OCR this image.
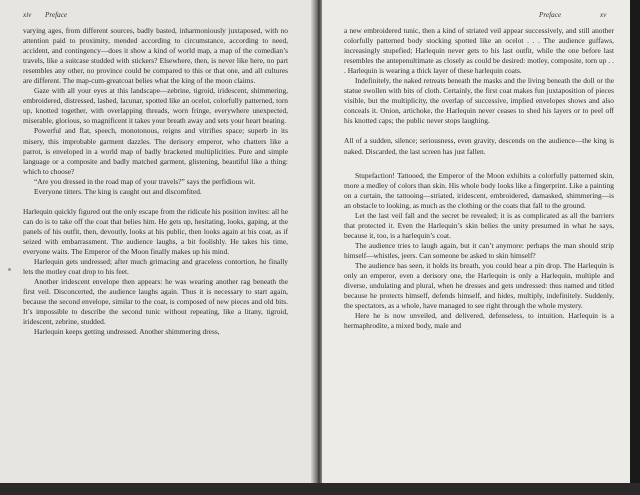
xiv Preface

varying ages, from different sources, badly basted, inharmoniously juxtaposed, with no attention paid to proximity, mended according to circumstance, according to need, accident, and contingency—does it show a kind of world map, a map of the comedian’s travels, like a suitcase studded with stickers? Elsewhere, then, is never like here, no part resembles any other, no province could be compared to this or that one, and all cultures are different. The map-cum-greatcoat belies what the king of the moon claims.

Gaze with all your eyes at this landscape—zebrine, tigroid, iridescent, shimmering, embroidered, distressed, lashed, lacunar, spotted like an ocelot, colorfully patterned, torn up, knotted together, with overlapping threads, worn fringe, everywhere unexpected, miserable, glorious, so magnificent it takes your breath away and sets your heart beating.

Powerful and flat, speech, monotonous, reigns and vitrifies space; superb in its misery, this improbable garment dazzles. The derisory emperor, who chatters like a parrot, is enveloped in a world map of badly bracketed multiplicities. Pure and simple language or a composite and badly matched garment, glistening, beautiful like a thing: which to choose?

“Are you dressed in the road map of your travels?” says the perfidious wit.

Everyone titters. The king is caught out and discomfited.

Harlequin quickly figured out the only escape from the ridicule his position invites: all he can do is to take off the coat that belies him. He gets up, hesitating, looks, gaping, at the panels of his outfit, then, devoutly, looks at his public, then looks again at his coat, as if seized with embarrassment. The audience laughs, a bit foolishly. He takes his time, everyone waits. The Emperor of the Moon finally makes up his mind.

Harlequin gets undressed; after much grimacing and graceless contortion, he finally lets the motley coat drop to his feet.

Another iridescent envelope then appears: he was wearing another rag beneath the first veil. Disconcerted, the audience laughs again. Thus it is necessary to start again, because the second envelope, similar to the coat, is composed of new pieces and old bits. It’s impossible to describe the second tunic without repeating, like a litany, tigroid, iridescent, zebrine, studded.

Harlequin keeps getting undressed. Another shimmering dress,

Preface	xv

a new embroidered tunic, then a kind of striated veil appear successively, and still another colorfully patterned body stocking spotted like an ocelot . . . The audience guffaws, increasingly stupefied; Harlequin never gets to his last outfit, while the one before last resembles the antepenultimate as closely as could be desired: motley, composite, torn up . . . Harlequin is wearing a thick layer of these harlequin coats.

Indefinitely, the naked retreats beneath the masks and the living beneath the doll or the statue swollen with bits of cloth. Certainly, the first coat makes fun juxtaposition of pieces visible, but the multiplicity, the overlap of successive, implied envelopes shows and also conceals it. Onion, artichoke, the Harlequin never ceases to shed his layers or to peel off his knotted caps; the public never stops laughing.

All of a sudden, silence; seriousness, even gravity, descends on the audience—the king is naked. Discarded, the last screen has just fallen.

Stupefaction! Tattooed, the Emperor of the Moon exhibits a colorfully patterned skin, more a medley of colors than skin. His whole body looks like a fingerprint. Like a painting on a curtain, the tattooing—striated, iridescent, embroidered, damasked, shimmering—is an obstacle to looking, as much as the clothing or the coats that fall to the ground.

Let the last veil fall and the secret be revealed; it is as complicated as all the barriers that protected it. Even the Harlequin’s skin belies the unity presumed in what he says, because it, too, is a harlequin’s coat.

The audience tries to laugh again, but it can’t anymore: perhaps the man should strip himself—whistles, jeers. Can someone be asked to skin himself?

The audience has seen, it holds its breath, you could hear a pin drop. The Harlequin is only an emperor, even a derisory one, the Harlequin is only a Harlequin, multiple and diverse, undulating and plural, when he dresses and gets undressed: thus named and titled because he protects himself, defends himself, and hides, multiply, indefinitely. Suddenly, the spectators, as a whole, have managed to see right through the whole mystery.

Here he is now unveiled, and delivered, defenseless, to intuition. Harlequin is a hermaphrodite, a mixed body, male and
